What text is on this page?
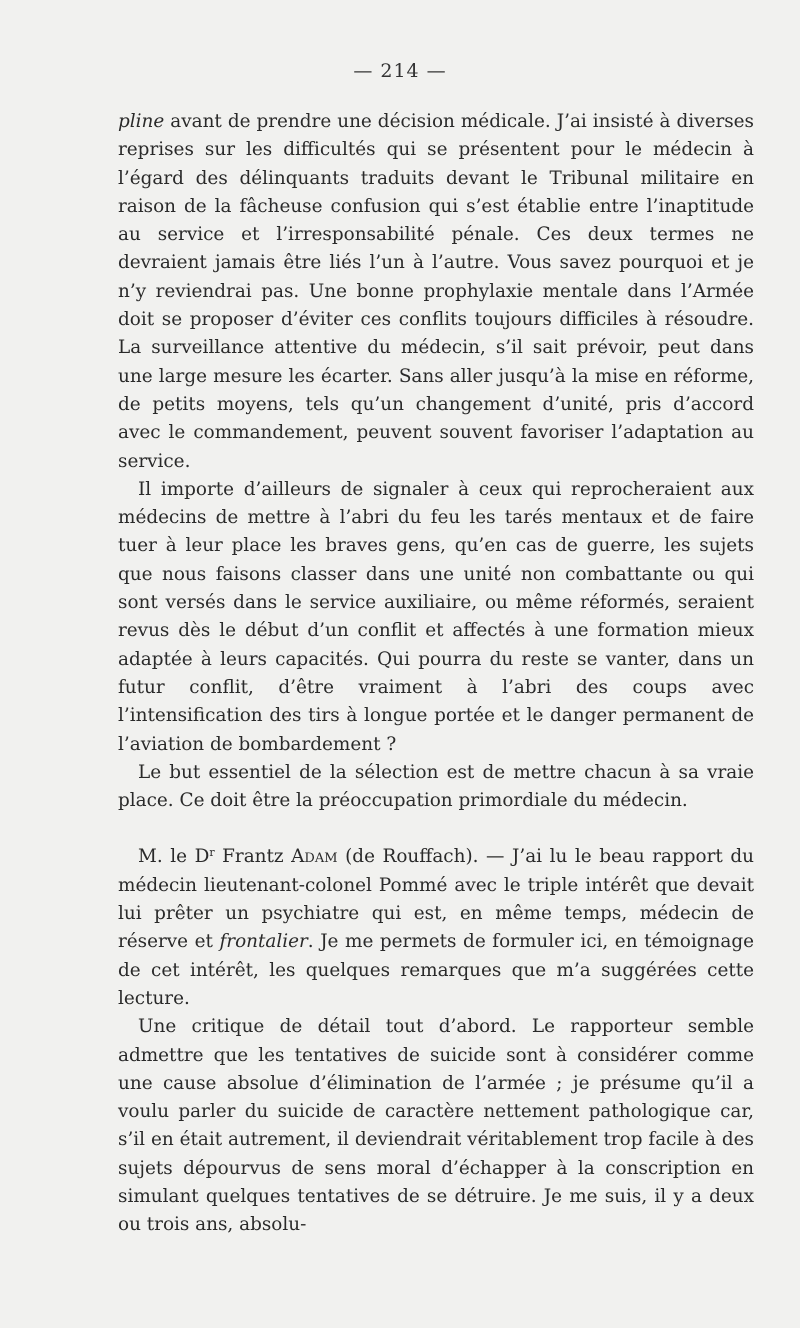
— 214 —

pline avant de prendre une décision médicale. J’ai insisté à diverses reprises sur les difficultés qui se présentent pour le médecin à l’égard des délinquants traduits devant le Tribunal militaire en raison de la fâcheuse confusion qui s’est établie entre l’inaptitude au service et l’irresponsabilité pénale. Ces deux termes ne devraient jamais être liés l’un à l’autre. Vous savez pourquoi et je n’y reviendrai pas. Une bonne prophylaxie mentale dans l’Armée doit se proposer d’éviter ces conflits toujours difficiles à résoudre. La surveillance attentive du médecin, s’il sait prévoir, peut dans une large mesure les écarter. Sans aller jusqu’à la mise en réforme, de petits moyens, tels qu’un changement d’unité, pris d’accord avec le commandement, peuvent souvent favoriser l’adaptation au service.

Il importe d’ailleurs de signaler à ceux qui reprocheraient aux médecins de mettre à l’abri du feu les tarés mentaux et de faire tuer à leur place les braves gens, qu’en cas de guerre, les sujets que nous faisons classer dans une unité non combattante ou qui sont versés dans le service auxiliaire, ou même réformés, seraient revus dès le début d’un conflit et affectés à une formation mieux adaptée à leurs capacités. Qui pourra du reste se vanter, dans un futur conflit, d’être vraiment à l’abri des coups avec l’intensification des tirs à longue portée et le danger permanent de l’aviation de bombardement ?

Le but essentiel de la sélection est de mettre chacun à sa vraie place. Ce doit être la préoccupation primordiale du médecin.

M. le $D^r$ Frantz Adam (de Rouffach). — J’ai lu le beau rapport du médecin lieutenant-colonel Pommé avec le triple intérêt que devait lui prêter un psychiatre qui est, en même temps, médecin de réserve et frontalier. Je me permets de formuler ici, en témoignage de cet intérêt, les quelques remarques que m’a suggérées cette lecture.

Une critique de détail tout d’abord. Le rapporteur semble admettre que les tentatives de suicide sont à considérer comme une cause absolue d’élimination de l’armée ; je présume qu’il a voulu parler du suicide de caractère nettement pathologique car, s’il en était autrement, il deviendrait véritablement trop facile à des sujets dépourvus de sens moral d’échapper à la conscription en simulant quelques tentatives de se détruire. Je me suis, il y a deux ou trois ans, absolu-
